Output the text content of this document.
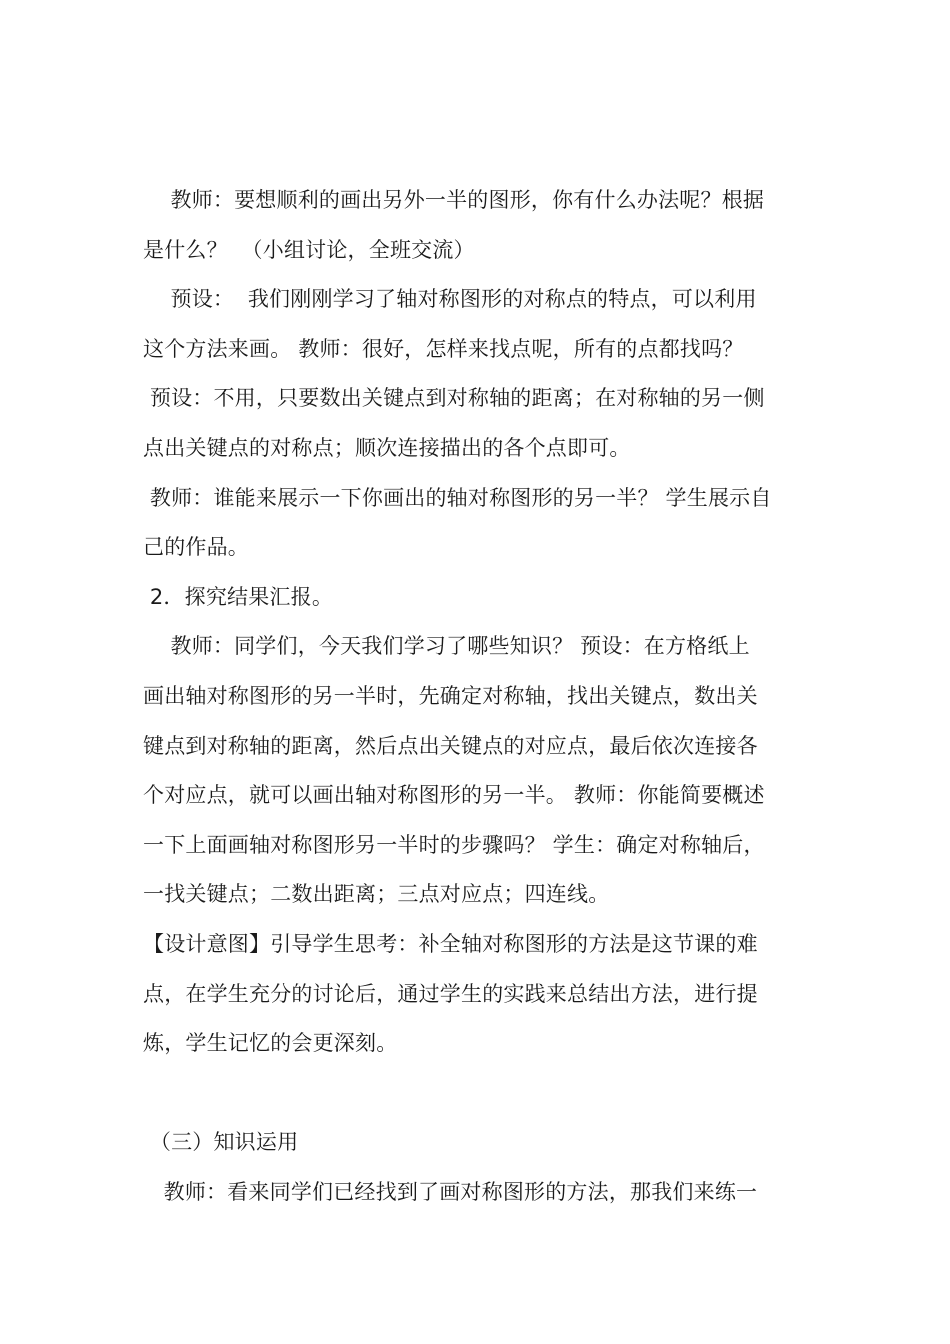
教师：要想顺利的画出另外一半的图形，你有什么办法呢？根据
是什么？  （小组讨论，全班交流）
预设：  我们刚刚学习了轴对称图形的对称点的特点，可以利用
这个方法来画。 教师：很好，怎样来找点呢，所有的点都找吗？
预设：不用，只要数出关键点到对称轴的距离；在对称轴的另一侧
点出关键点的对称点；顺次连接描出的各个点即可。
教师：谁能来展示一下你画出的轴对称图形的另一半？ 学生展示自
己的作品。
2．探究结果汇报。
教师：同学们，今天我们学习了哪些知识？ 预设：在方格纸上
画出轴对称图形的另一半时，先确定对称轴，找出关键点，数出关
键点到对称轴的距离，然后点出关键点的对应点，最后依次连接各
个对应点，就可以画出轴对称图形的另一半。 教师：你能简要概述
一下上面画轴对称图形另一半时的步骤吗？ 学生：确定对称轴后，
一找关键点；二数出距离；三点对应点；四连线。
【设计意图】引导学生思考：补全轴对称图形的方法是这节课的难
点，在学生充分的讨论后，通过学生的实践来总结出方法，进行提
炼，学生记忆的会更深刻。
（三）知识运用
教师：看来同学们已经找到了画对称图形的方法，那我们来练一
